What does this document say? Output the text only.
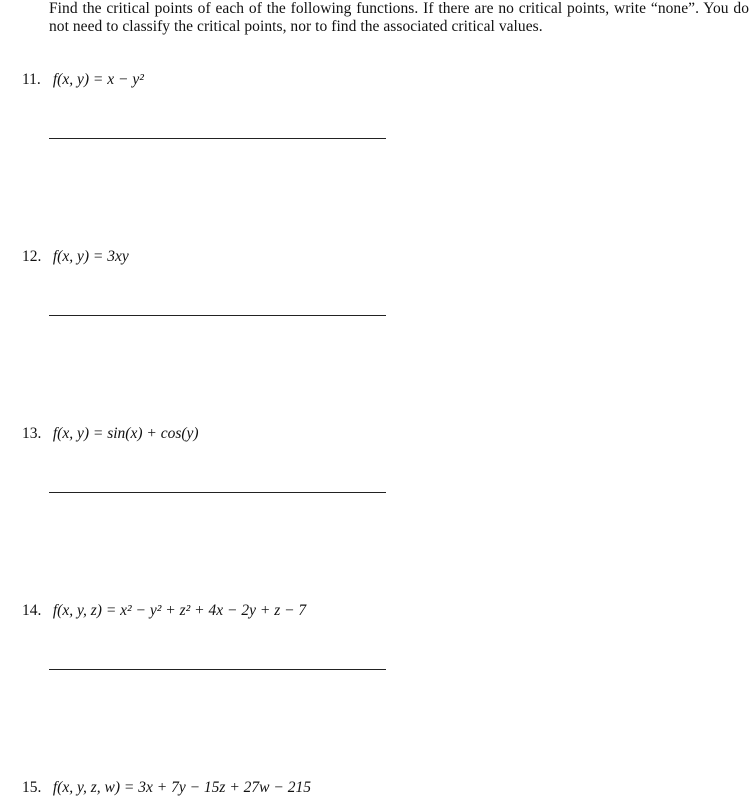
Find the critical points of each of the following functions. If there are no critical points, write “none”. You do not need to classify the critical points, nor to find the associated critical values.
11. f(x, y) = x − y²
12. f(x, y) = 3xy
13. f(x, y) = sin(x) + cos(y)
14. f(x, y, z) = x² − y² + z² + 4x − 2y + z − 7
15. f(x, y, z, w) = 3x + 7y − 15z + 27w − 215
